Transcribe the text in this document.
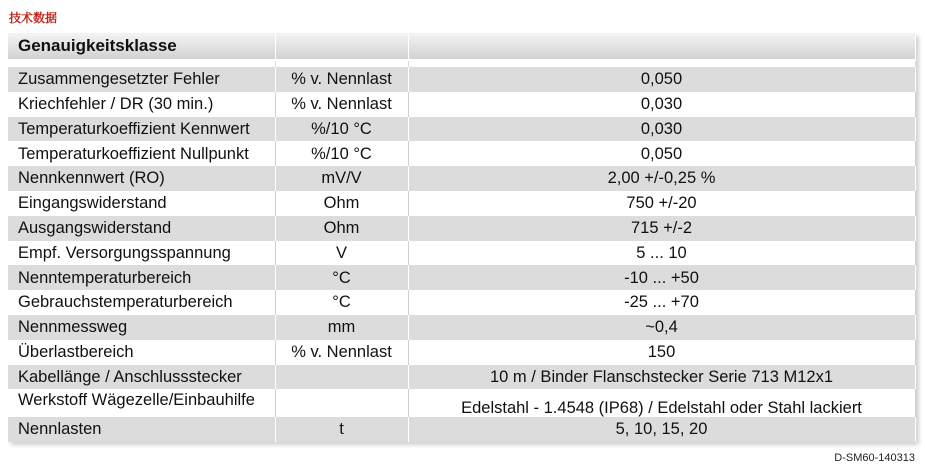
技术数据
Genauigkeitsklasse		

Zusammengesetzter Fehler	% v. Nennlast	0,050
Kriechfehler / DR (30 min.)	% v. Nennlast	0,030
Temperaturkoeffizient Kennwert	%/10 °C	0,030
Temperaturkoeffizient Nullpunkt	%/10 °C	0,050
Nennkennwert (RO)	mV/V	2,00 +/-0,25 %
Eingangswiderstand	Ohm	750 +/-20
Ausgangswiderstand	Ohm	715 +/-2
Empf. Versorgungsspannung	V	5 ... 10
Nenntemperaturbereich	°C	-10 ... +50
Gebrauchstemperaturbereich	°C	-25 ... +70
Nennmessweg	mm	~0,4
Überlastbereich	% v. Nennlast	150
Kabellänge / Anschlussstecker		10 m / Binder Flanschstecker Serie 713 M12x1
Werkstoff Wägezelle/Einbauhilfe		Edelstahl - 1.4548 (IP68) / Edelstahl oder Stahl lackiert
Nennlasten	t	5, 10, 15, 20
D-SM60-140313
